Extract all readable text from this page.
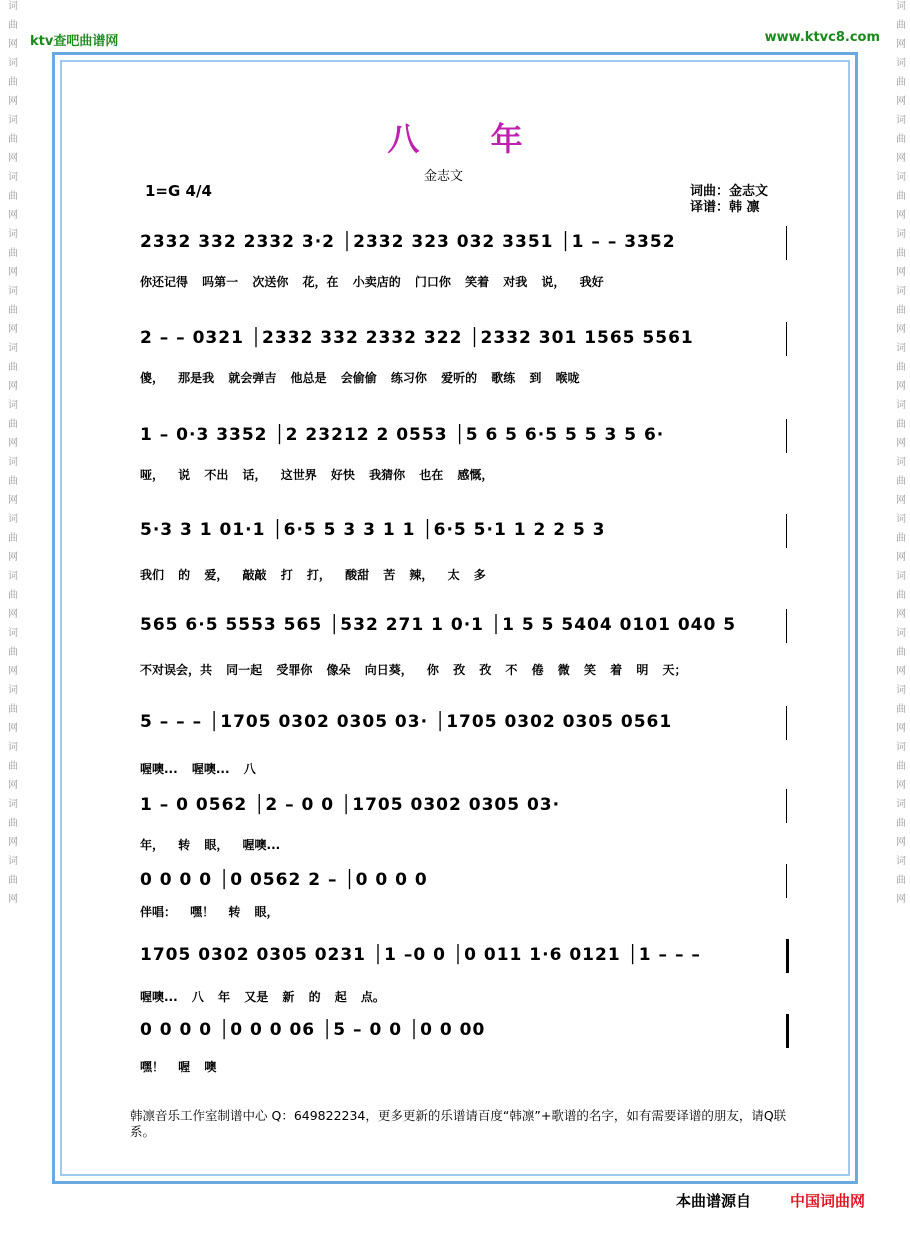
词
曲
网
词
曲
网
词
曲
网
词
曲
网
词
曲
网
词
曲
网
词
曲
网
词
曲
网
词
曲
网
词
曲
网
词
曲
网
词
曲
网
词
曲
网
词
曲
网
词
曲
网
词
曲
网
词
曲
网
词
曲
网
词
曲
网
词
曲
网
词
曲
网
词
曲
网
词
曲
网
词
曲
网
词
曲
网
词
曲
网
词
曲
网
词
曲
网
词
曲
网
词
曲
网
词
曲
网
词
曲
网
ktv查吧曲谱网	www.ktvc8.com
八 年
金志文
1=G 4/4	词曲：金志文
译谱：韩 凛
2332 332 2332 3·2 │2332 323 032 3351 │1 – – 3352
你还记得 吗第一 次送你 花，在 小卖店的 门口你 笑着 对我 说， 我好
2 – – 0321 │2332 332 2332 322 │2332 301 1565 5561
傻， 那是我 就会弹吉 他总是 会偷偷 练习你 爱听的 歌练 到 喉咙
1 – 0·3 3352 │2 23212 2 0553 │5 6 5 6·5 5 5 3 5 6·
哑， 说 不出 话， 这世界 好快 我猜你 也在 感慨，
5·3 3 1 01·1 │6·5 5 3 3 1 1 │6·5 5·1 1 2 2 5 3
我们 的 爱， 敲敲 打 打， 酸甜 苦 辣， 太 多
565 6·5 5553 565 │532 271 1 0·1 │1 5 5 5404 0101 040 5
不对误会，共 同一起 受罪你 像朵 向日葵， 你 孜 孜 不 倦 微 笑 着 明 天；
5 – – – │1705 0302 0305 03· │1705 0302 0305 0561
喔噢... 喔噢... 八
1 – 0 0562 │2 – 0 0 │1705 0302 0305 03·
年， 转 眼， 喔噢...
0 0 0 0 │0 0562 2 – │0 0 0 0
伴唱： 嘿！ 转 眼，
1705 0302 0305 0231 │1 –0 0 │0 011 1·6 0121 │1 – – –
喔噢... 八 年 又是 新 的 起 点。
0 0 0 0 │0 0 0 06 │5 – 0 0 │0 0 00
嘿！ 喔 噢
韩凛音乐工作室制谱中心 Q：649822234，更多更新的乐谱请百度“韩凛”+歌谱的名字，如有需要译谱的朋友，请Q联系。
本曲谱源自	中国词曲网
